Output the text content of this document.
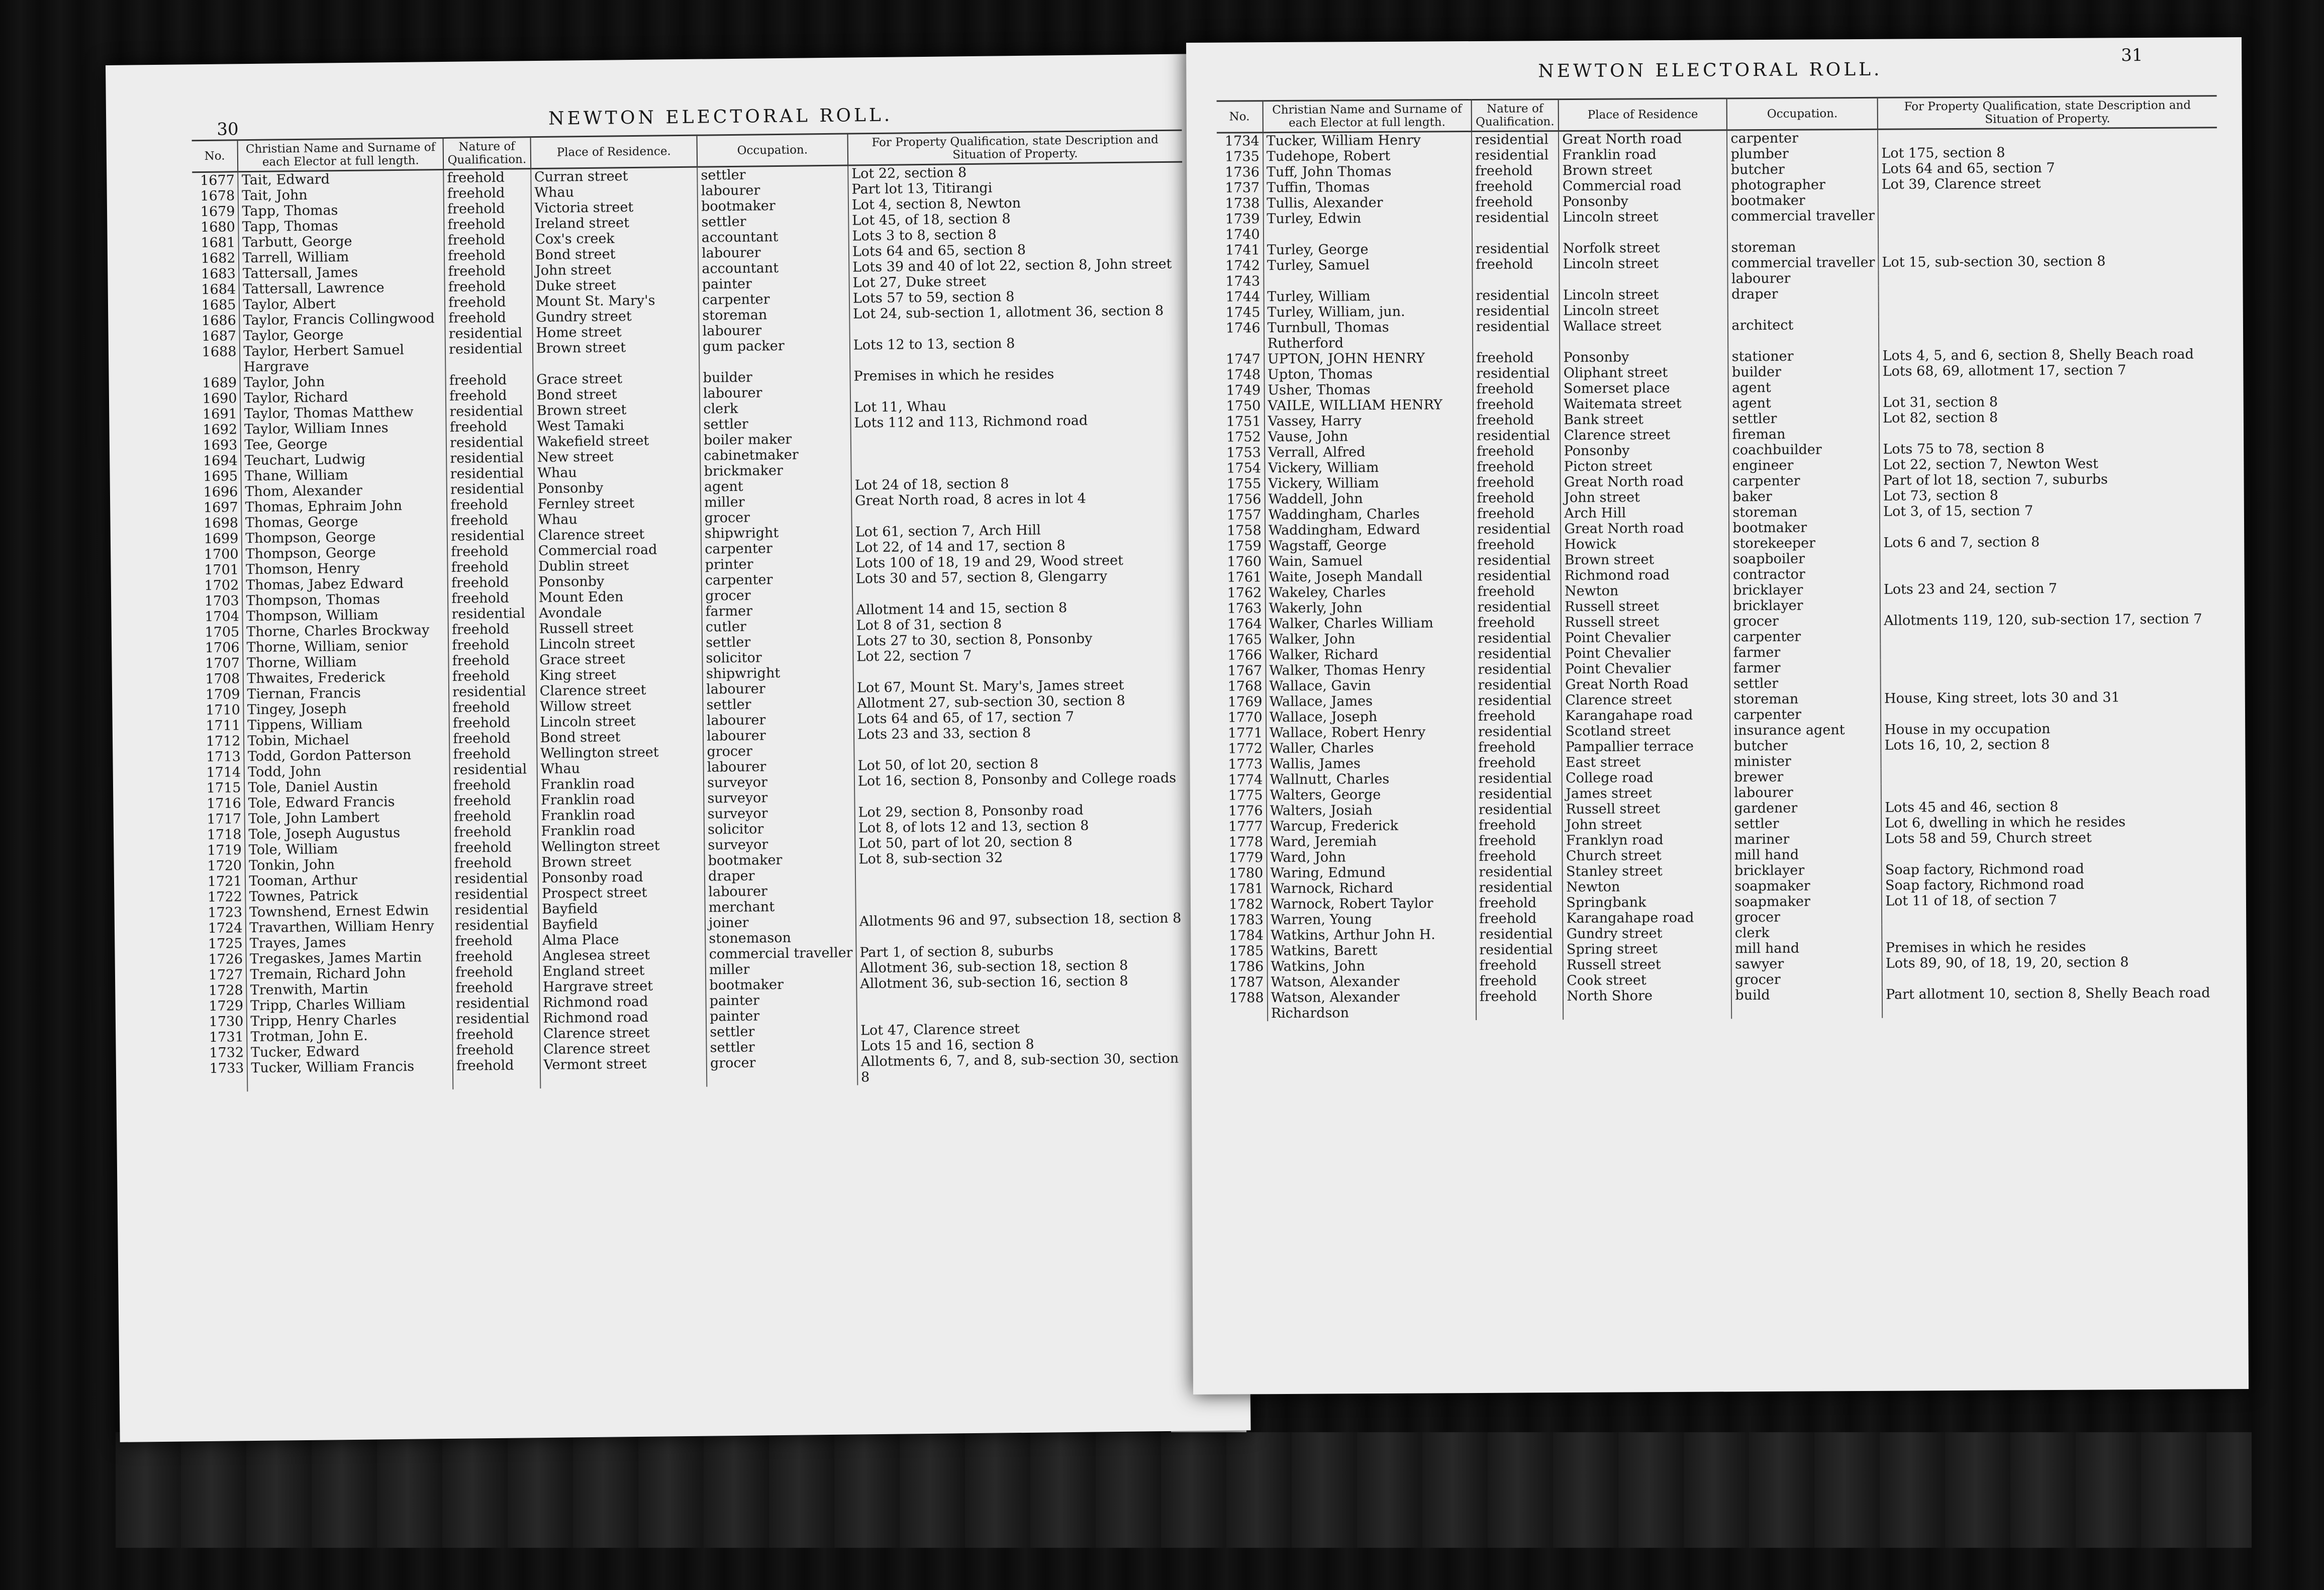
30
NEWTON ELECTORAL ROLL.
No.	Christian Name and Surname of each Elector at full length.	Nature of Qualification.	Place of Residence.	Occupation.	For Property Qualification, state Description and Situation of Property.
1677	Tait, Edward	freehold	Curran street	settler	Lot 22, section 8
1678	Tait, John	freehold	Whau	labourer	Part lot 13, Titirangi
1679	Tapp, Thomas	freehold	Victoria street	bootmaker	Lot 4, section 8, Newton
1680	Tapp, Thomas	freehold	Ireland street	settler	Lot 45, of 18, section 8
1681	Tarbutt, George	freehold	Cox's creek	accountant	Lots 3 to 8, section 8
1682	Tarrell, William	freehold	Bond street	labourer	Lots 64 and 65, section 8
1683	Tattersall, James	freehold	John street	accountant	Lots 39 and 40 of lot 22, section 8, John street
1684	Tattersall, Lawrence	freehold	Duke street	painter	Lot 27, Duke street
1685	Taylor, Albert	freehold	Mount St. Mary's	carpenter	Lots 57 to 59, section 8
1686	Taylor, Francis Collingwood	freehold	Gundry street	storeman	Lot 24, sub-section 1, allotment 36, section 8
1687	Taylor, George	residential	Home street	labourer	
1688	Taylor, Herbert Samuel Hargrave	residential	Brown street	gum packer	Lots 12 to 13, section 8
1689	Taylor, John	freehold	Grace street	builder	Premises in which he resides
1690	Taylor, Richard	freehold	Bond street	labourer	
1691	Taylor, Thomas Matthew	residential	Brown street	clerk	Lot 11, Whau
1692	Taylor, William Innes	freehold	West Tamaki	settler	Lots 112 and 113, Richmond road
1693	Tee, George	residential	Wakefield street	boiler maker	
1694	Teuchart, Ludwig	residential	New street	cabinetmaker	
1695	Thane, William	residential	Whau	brickmaker	
1696	Thom, Alexander	residential	Ponsonby	agent	Lot 24 of 18, section 8
1697	Thomas, Ephraim John	freehold	Fernley street	miller	Great North road, 8 acres in lot 4
1698	Thomas, George	freehold	Whau	grocer	
1699	Thompson, George	residential	Clarence street	shipwright	Lot 61, section 7, Arch Hill
1700	Thompson, George	freehold	Commercial road	carpenter	Lot 22, of 14 and 17, section 8
1701	Thomson, Henry	freehold	Dublin street	printer	Lots 100 of 18, 19 and 29, Wood street
1702	Thomas, Jabez Edward	freehold	Ponsonby	carpenter	Lots 30 and 57, section 8, Glengarry
1703	Thompson, Thomas	freehold	Mount Eden	grocer	
1704	Thompson, William	residential	Avondale	farmer	Allotment 14 and 15, section 8
1705	Thorne, Charles Brockway	freehold	Russell street	cutler	Lot 8 of 31, section 8
1706	Thorne, William, senior	freehold	Lincoln street	settler	Lots 27 to 30, section 8, Ponsonby
1707	Thorne, William	freehold	Grace street	solicitor	Lot 22, section 7
1708	Thwaites, Frederick	freehold	King street	shipwright	
1709	Tiernan, Francis	residential	Clarence street	labourer	Lot 67, Mount St. Mary's, James street
1710	Tingey, Joseph	freehold	Willow street	settler	Allotment 27, sub-section 30, section 8
1711	Tippens, William	freehold	Lincoln street	labourer	Lots 64 and 65, of 17, section 7
1712	Tobin, Michael	freehold	Bond street	labourer	Lots 23 and 33, section 8
1713	Todd, Gordon Patterson	freehold	Wellington street	grocer	
1714	Todd, John	residential	Whau	labourer	Lot 50, of lot 20, section 8
1715	Tole, Daniel Austin	freehold	Franklin road	surveyor	Lot 16, section 8, Ponsonby and College roads
1716	Tole, Edward Francis	freehold	Franklin road	surveyor	
1717	Tole, John Lambert	freehold	Franklin road	surveyor	Lot 29, section 8, Ponsonby road
1718	Tole, Joseph Augustus	freehold	Franklin road	solicitor	Lot 8, of lots 12 and 13, section 8
1719	Tole, William	freehold	Wellington street	surveyor	Lot 50, part of lot 20, section 8
1720	Tonkin, John	freehold	Brown street	bootmaker	Lot 8, sub-section 32
1721	Tooman, Arthur	residential	Ponsonby road	draper	
1722	Townes, Patrick	residential	Prospect street	labourer	
1723	Townshend, Ernest Edwin	residential	Bayfield	merchant	
1724	Travarthen, William Henry	residential	Bayfield	joiner	Allotments 96 and 97, subsection 18, section 8
1725	Trayes, James	freehold	Alma Place	stonemason	
1726	Tregaskes, James Martin	freehold	Anglesea street	commercial traveller	Part 1, of section 8, suburbs
1727	Tremain, Richard John	freehold	England street	miller	Allotment 36, sub-section 18, section 8
1728	Trenwith, Martin	freehold	Hargrave street	bootmaker	Allotment 36, sub-section 16, section 8
1729	Tripp, Charles William	residential	Richmond road	painter	
1730	Tripp, Henry Charles	residential	Richmond road	painter	
1731	Trotman, John E.	freehold	Clarence street	settler	Lot 47, Clarence street
1732	Tucker, Edward	freehold	Clarence street	settler	Lots 15 and 16, section 8
1733	Tucker, William Francis	freehold	Vermont street	grocer	Allotments 6, 7, and 8, sub-section 30, section 8
31
NEWTON ELECTORAL ROLL.
No.	Christian Name and Surname of each Elector at full length.	Nature of Qualification.	Place of Residence	Occupation.	For Property Qualification, state Description and Situation of Property.
1734	Tucker, William Henry	residential	Great North road	carpenter	
1735	Tudehope, Robert	residential	Franklin road	plumber	Lot 175, section 8
1736	Tuff, John Thomas	freehold	Brown street	butcher	Lots 64 and 65, section 7
1737	Tuffin, Thomas	freehold	Commercial road	photographer	Lot 39, Clarence street
1738	Tullis, Alexander	freehold	Ponsonby	bootmaker	
1739	Turley, Edwin	residential	Lincoln street	commercial traveller	
1740					
1741	Turley, George	residential	Norfolk street	storeman	
1742	Turley, Samuel	freehold	Lincoln street	commercial traveller	Lot 15, sub-section 30, section 8
1743				labourer	
1744	Turley, William	residential	Lincoln street	draper	
1745	Turley, William, jun.	residential	Lincoln street		
1746	Turnbull, Thomas Rutherford	residential	Wallace street	architect	
1747	UPTON, JOHN HENRY	freehold	Ponsonby	stationer	Lots 4, 5, and 6, section 8, Shelly Beach road
1748	Upton, Thomas	residential	Oliphant street	builder	Lots 68, 69, allotment 17, section 7
1749	Usher, Thomas	freehold	Somerset place	agent	
1750	VAILE, WILLIAM HENRY	freehold	Waitemata street	agent	Lot 31, section 8
1751	Vassey, Harry	freehold	Bank street	settler	Lot 82, section 8
1752	Vause, John	residential	Clarence street	fireman	
1753	Verrall, Alfred	freehold	Ponsonby	coachbuilder	Lots 75 to 78, section 8
1754	Vickery, William	freehold	Picton street	engineer	Lot 22, section 7, Newton West
1755	Vickery, William	freehold	Great North road	carpenter	Part of lot 18, section 7, suburbs
1756	Waddell, John	freehold	John street	baker	Lot 73, section 8
1757	Waddingham, Charles	freehold	Arch Hill	storeman	Lot 3, of 15, section 7
1758	Waddingham, Edward	residential	Great North road	bootmaker	
1759	Wagstaff, George	freehold	Howick	storekeeper	Lots 6 and 7, section 8
1760	Wain, Samuel	residential	Brown street	soapboiler	
1761	Waite, Joseph Mandall	residential	Richmond road	contractor	
1762	Wakeley, Charles	freehold	Newton	bricklayer	Lots 23 and 24, section 7
1763	Wakerly, John	residential	Russell street	bricklayer	
1764	Walker, Charles William	freehold	Russell street	grocer	Allotments 119, 120, sub-section 17, section 7
1765	Walker, John	residential	Point Chevalier	carpenter	
1766	Walker, Richard	residential	Point Chevalier	farmer	
1767	Walker, Thomas Henry	residential	Point Chevalier	farmer	
1768	Wallace, Gavin	residential	Great North Road	settler	
1769	Wallace, James	residential	Clarence street	storeman	House, King street, lots 30 and 31
1770	Wallace, Joseph	freehold	Karangahape road	carpenter	
1771	Wallace, Robert Henry	residential	Scotland street	insurance agent	House in my occupation
1772	Waller, Charles	freehold	Pampallier terrace	butcher	Lots 16, 10, 2, section 8
1773	Wallis, James	freehold	East street	minister	
1774	Wallnutt, Charles	residential	College road	brewer	
1775	Walters, George	residential	James street	labourer	
1776	Walters, Josiah	residential	Russell street	gardener	Lots 45 and 46, section 8
1777	Warcup, Frederick	freehold	John street	settler	Lot 6, dwelling in which he resides
1778	Ward, Jeremiah	freehold	Franklyn road	mariner	Lots 58 and 59, Church street
1779	Ward, John	freehold	Church street	mill hand	
1780	Waring, Edmund	residential	Stanley street	bricklayer	Soap factory, Richmond road
1781	Warnock, Richard	residential	Newton	soapmaker	Soap factory, Richmond road
1782	Warnock, Robert Taylor	freehold	Springbank	soapmaker	Lot 11 of 18, of section 7
1783	Warren, Young	freehold	Karangahape road	grocer	
1784	Watkins, Arthur John H.	residential	Gundry street	clerk	
1785	Watkins, Barett	residential	Spring street	mill hand	Premises in which he resides
1786	Watkins, John	freehold	Russell street	sawyer	Lots 89, 90, of 18, 19, 20, section 8
1787	Watson, Alexander	freehold	Cook street	grocer	
1788	Watson, Alexander Richardson	freehold	North Shore	build	Part allotment 10, section 8, Shelly Beach road
